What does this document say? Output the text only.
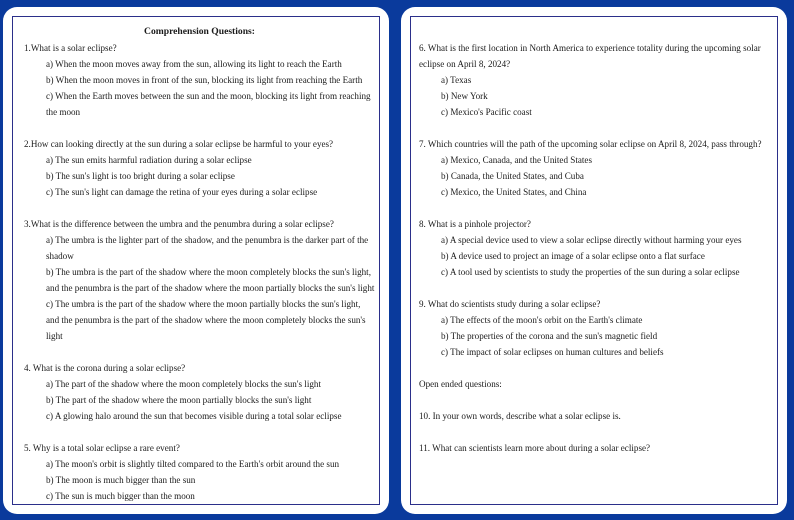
Comprehension Questions:
1.What is a solar eclipse?
a) When the moon moves away from the sun, allowing its light to reach the Earth
b) When the moon moves in front of the sun, blocking its light from reaching the Earth
c) When the Earth moves between the sun and the moon, blocking its light from reaching the moon
2.How can looking directly at the sun during a solar eclipse be harmful to your eyes?
a) The sun emits harmful radiation during a solar eclipse
b) The sun's light is too bright during a solar eclipse
c) The sun's light can damage the retina of your eyes during a solar eclipse
3.What is the difference between the umbra and the penumbra during a solar eclipse?
a) The umbra is the lighter part of the shadow, and the penumbra is the darker part of the shadow
b) The umbra is the part of the shadow where the moon completely blocks the sun's light, and the penumbra is the part of the shadow where the moon partially blocks the sun's light
c) The umbra is the part of the shadow where the moon partially blocks the sun's light, and the penumbra is the part of the shadow where the moon completely blocks the sun's light
4. What is the corona during a solar eclipse?
a) The part of the shadow where the moon completely blocks the sun's light
b) The part of the shadow where the moon partially blocks the sun's light
c) A glowing halo around the sun that becomes visible during a total solar eclipse
5. Why is a total solar eclipse a rare event?
a) The moon's orbit is slightly tilted compared to the Earth's orbit around the sun
b) The moon is much bigger than the sun
c) The sun is much bigger than the moon
6. What is the first location in North America to experience totality during the upcoming solar eclipse on April 8, 2024?
a) Texas
b) New York
c) Mexico's Pacific coast
7. Which countries will the path of the upcoming solar eclipse on April 8, 2024, pass through?
a) Mexico, Canada, and the United States
b) Canada, the United States, and Cuba
c) Mexico, the United States, and China
8. What is a pinhole projector?
a) A special device used to view a solar eclipse directly without harming your eyes
b) A device used to project an image of a solar eclipse onto a flat surface
c) A tool used by scientists to study the properties of the sun during a solar eclipse
9. What do scientists study during a solar eclipse?
a) The effects of the moon's orbit on the Earth's climate
b) The properties of the corona and the sun's magnetic field
c) The impact of solar eclipses on human cultures and beliefs
Open ended questions:
10. In your own words, describe what a solar eclipse is.
11. What can scientists learn more about during a solar eclipse?
